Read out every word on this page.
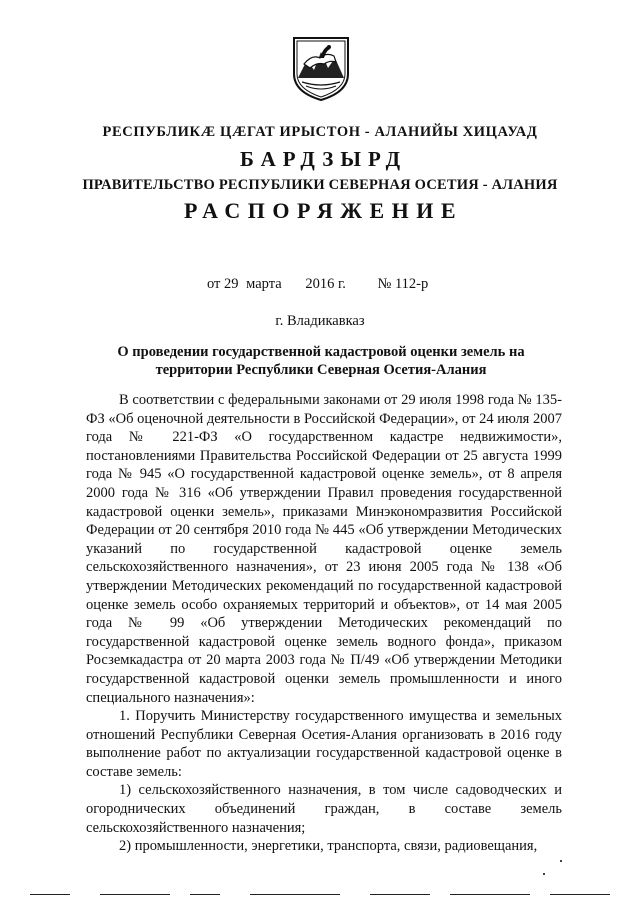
РЕСПУБЛИКӔ ЦӔГАТ ИРЫСТОН - АЛАНИЙЫ ХИЦАУАД
БАРДЗЫРД
ПРАВИТЕЛЬСТВО РЕСПУБЛИКИ СЕВЕРНАЯ ОСЕТИЯ - АЛАНИЯ
РАСПОРЯЖЕНИЕ
от 29 марта 2016 г. № 112-р
г. Владикавказ
О проведении государственной кадастровой оценки земель на территории Республики Северная Осетия-Алания

В соответствии с федеральными законами от 29 июля 1998 года № 135-ФЗ «Об оценочной деятельности в Российской Федерации», от 24 июля 2007 года № 221-ФЗ «О государственном кадастре недвижимости», постановлениями Правительства Российской Федерации от 25 августа 1999 года № 945 «О государственной кадастровой оценке земель», от 8 апреля 2000 года № 316 «Об утверждении Правил проведения государственной кадастровой оценки земель», приказами Минэкономразвития Российской Федерации от 20 сентября 2010 года № 445 «Об утверждении Методических указаний по государственной кадастровой оценке земель сельскохозяйственного назначения», от 23 июня 2005 года № 138 «Об утверждении Методических рекомендаций по государственной кадастровой оценке земель особо охраняемых территорий и объектов», от 14 мая 2005 года № 99 «Об утверждении Методических рекомендаций по государственной кадастровой оценке земель водного фонда», приказом Росземкадастра от 20 марта 2003 года № П/49 «Об утверждении Методики государственной кадастровой оценки земель промышленности и иного специального назначения»:

1. Поручить Министерству государственного имущества и земельных отношений Республики Северная Осетия-Алания организовать в 2016 году выполнение работ по актуализации государственной кадастровой оценке в составе земель:

1) сельскохозяйственного назначения, в том числе садоводческих и огороднических объединений граждан, в составе земель сельскохозяйственного назначения;

2) промышленности, энергетики, транспорта, связи, радиовещания,
